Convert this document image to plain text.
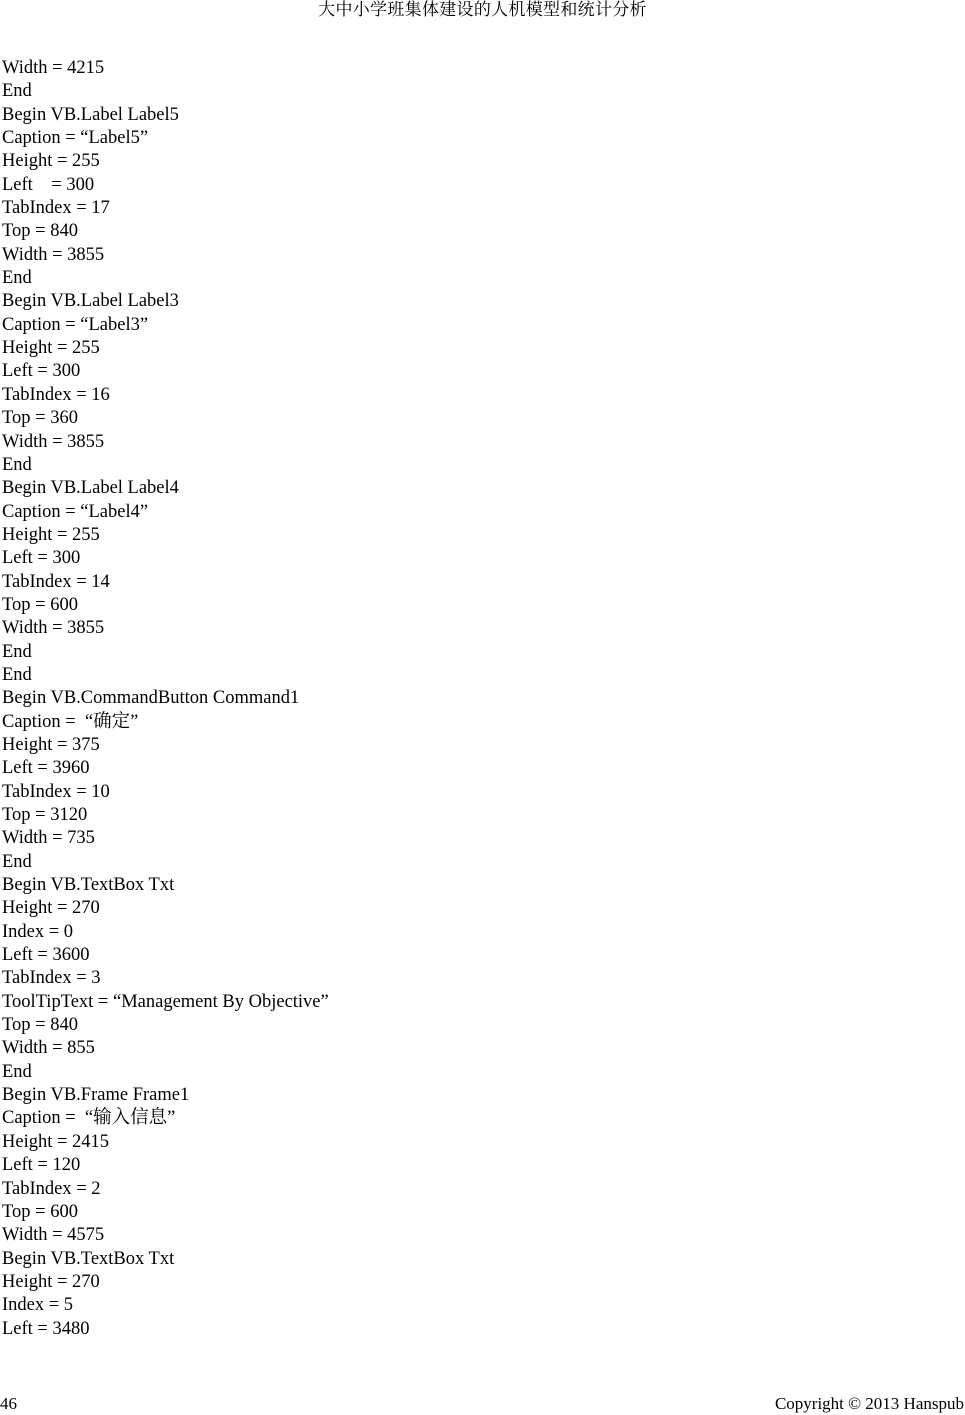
大中小学班集体建设的人机模型和统计分析
Width = 4215
End
Begin VB.Label Label5
Caption = “Label5”
Height = 255
Left    = 300
TabIndex = 17
Top = 840
Width = 3855
End
Begin VB.Label Label3
Caption = “Label3”
Height = 255
Left = 300
TabIndex = 16
Top = 360
Width = 3855
End
Begin VB.Label Label4
Caption = “Label4”
Height = 255
Left = 300
TabIndex = 14
Top = 600
Width = 3855
End
End
Begin VB.CommandButton Command1
Caption =  “确定”
Height = 375
Left = 3960
TabIndex = 10
Top = 3120
Width = 735
End
Begin VB.TextBox Txt
Height = 270
Index = 0
Left = 3600
TabIndex = 3
ToolTipText = “Management By Objective”
Top = 840
Width = 855
End
Begin VB.Frame Frame1
Caption =  “输入信息”
Height = 2415
Left = 120
TabIndex = 2
Top = 600
Width = 4575
Begin VB.TextBox Txt
Height = 270
Index = 5
Left = 3480
46	Copyright © 2013 Hanspub
